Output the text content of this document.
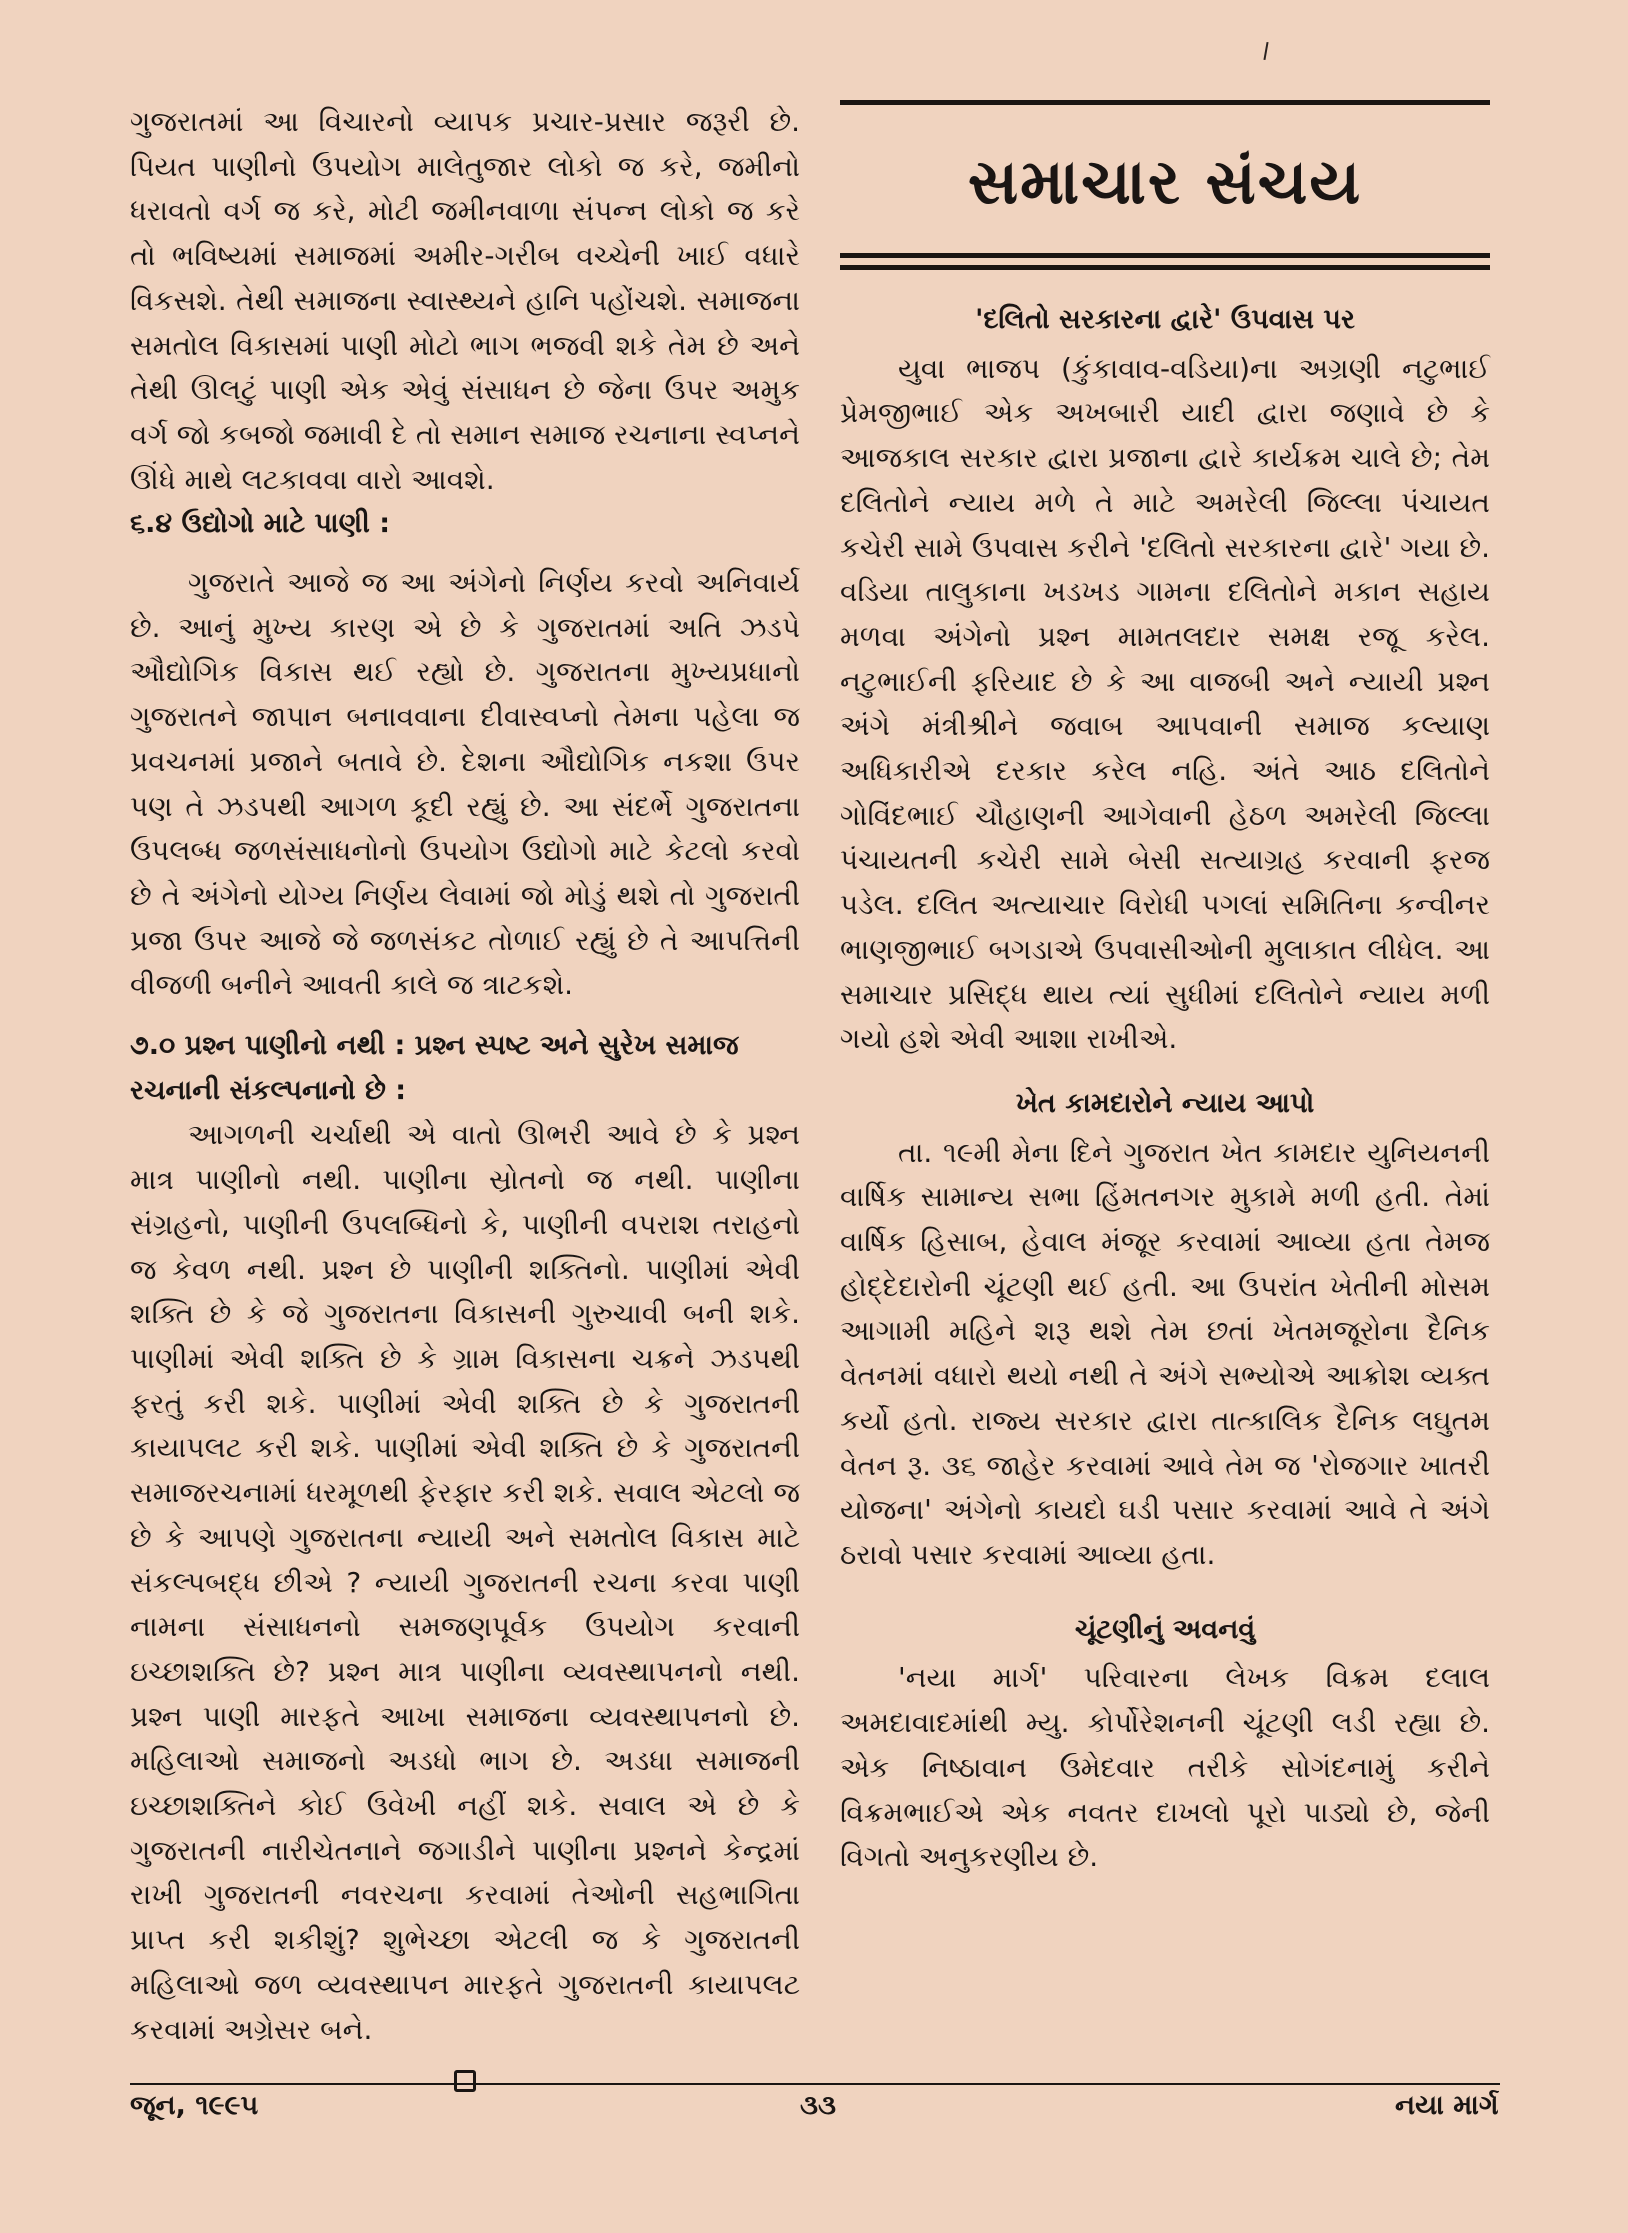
ગુજરાતમાં આ વિચારનો વ્યાપક પ્રચાર-પ્રસાર જરૂરી છે. પિયત પાણીનો ઉપયોગ માલેતુજાર લોકો જ કરે, જમીનો ધરાવતો વર્ગ જ કરે, મોટી જમીનવાળા સંપન્ન લોકો જ કરે તો ભવિષ્યમાં સમાજમાં અમીર-ગરીબ વચ્ચેની ખાઈ વધારે વિકસશે. તેથી સમાજના સ્વાસ્થ્યને હાનિ પહોંચશે. સમાજના સમતોલ વિકાસમાં પાણી મોટો ભાગ ભજવી શકે તેમ છે અને તેથી ઊલટું પાણી એક એવું સંસાધન છે જેના ઉપર અમુક વર્ગ જો કબજો જમાવી દે તો સમાન સમાજ રચનાના સ્વપ્નને ઊંધે માથે લટકાવવા વારો આવશે.

૬.૪ ઉદ્યોગો માટે પાણી :

ગુજરાતે આજે જ આ અંગેનો નિર્ણય કરવો અનિવાર્ય છે. આનું મુખ્ય કારણ એ છે કે ગુજરાતમાં અતિ ઝડપે ઔદ્યોગિક વિકાસ થઈ રહ્યો છે. ગુજરાતના મુખ્યપ્રધાનો ગુજરાતને જાપાન બનાવવાના દીવાસ્વપ્નો તેમના પહેલા જ પ્રવચનમાં પ્રજાને બતાવે છે. દેશના ઔદ્યોગિક નકશા ઉપર પણ તે ઝડપથી આગળ કૂદી રહ્યું છે. આ સંદર્ભે ગુજરાતના ઉપલબ્ધ જળસંસાધનોનો ઉપયોગ ઉદ્યોગો માટે કેટલો કરવો છે તે અંગેનો યોગ્ય નિર્ણય લેવામાં જો મોડું થશે તો ગુજરાતી પ્રજા ઉપર આજે જે જળસંકટ તોળાઈ રહ્યું છે તે આપત્તિની વીજળી બનીને આવતી કાલે જ ત્રાટકશે.

૭.૦ પ્રશ્ન પાણીનો નથી : પ્રશ્ન સ્પષ્ટ અને સુરેખ સમાજ રચનાની સંકલ્પનાનો છે :

આગળની ચર્ચાથી એ વાતો ઊભરી આવે છે કે પ્રશ્ન માત્ર પાણીનો નથી. પાણીના સ્રોતનો જ નથી. પાણીના સંગ્રહનો, પાણીની ઉપલબ્ધિનો કે, પાણીની વપરાશ તરાહનો જ કેવળ નથી. પ્રશ્ન છે પાણીની શક્તિનો. પાણીમાં એવી શક્તિ છે કે જે ગુજરાતના વિકાસની ગુરુચાવી બની શકે. પાણીમાં એવી શક્તિ છે કે ગ્રામ વિકાસના ચક્રને ઝડપથી ફરતું કરી શકે. પાણીમાં એવી શક્તિ છે કે ગુજરાતની કાયાપલટ કરી શકે. પાણીમાં એવી શક્તિ છે કે ગુજરાતની સમાજરચનામાં ધરમૂળથી ફેરફાર કરી શકે. સવાલ એટલો જ છે કે આપણે ગુજરાતના ન્યાયી અને સમતોલ વિકાસ માટે સંકલ્પબદ્ધ છીએ ? ન્યાયી ગુજરાતની રચના કરવા પાણી નામના સંસાધનનો સમજણપૂર્વક ઉપયોગ કરવાની ઇચ્છાશક્તિ છે? પ્રશ્ન માત્ર પાણીના વ્યવસ્થાપનનો નથી. પ્રશ્ન પાણી મારફતે આખા સમાજના વ્યવસ્થાપનનો છે. મહિલાઓ સમાજનો અડધો ભાગ છે. અડધા સમાજની ઇચ્છાશક્તિને કોઈ ઉવેખી નહીં શકે. સવાલ એ છે કે ગુજરાતની નારીચેતનાને જગાડીને પાણીના પ્રશ્નને કેન્દ્રમાં રાખી ગુજરાતની નવરચના કરવામાં તેઓની સહભાગિતા પ્રાપ્ત કરી શકીશું? શુભેચ્છા એટલી જ કે ગુજરાતની મહિલાઓ જળ વ્યવસ્થાપન મારફતે ગુજરાતની કાયાપલટ કરવામાં અગ્રેસર બને.

સમાચાર સંચય
'દલિતો સરકારના દ્વારે' ઉપવાસ પર

યુવા ભાજપ (કુંકાવાવ-વડિયા)ના અગ્રણી નટુભાઈ પ્રેમજીભાઈ એક અખબારી યાદી દ્વારા જણાવે છે કે આજકાલ સરકાર દ્વારા પ્રજાના દ્વારે કાર્યક્રમ ચાલે છે; તેમ દલિતોને ન્યાય મળે તે માટે અમરેલી જિલ્લા પંચાયત કચેરી સામે ઉપવાસ કરીને 'દલિતો સરકારના દ્વારે' ગયા છે. વડિયા તાલુકાના ખડખડ ગામના દલિતોને મકાન સહાય મળવા અંગેનો પ્રશ્ન મામતલદાર સમક્ષ રજૂ કરેલ. નટુભાઈની ફરિયાદ છે કે આ વાજબી અને ન્યાયી પ્રશ્ન અંગે મંત્રીશ્રીને જવાબ આપવાની સમાજ કલ્યાણ અધિકારીએ દરકાર કરેલ નહિ. અંતે આઠ દલિતોને ગોવિંદભાઈ ચૌહાણની આગેવાની હેઠળ અમરેલી જિલ્લા પંચાયતની કચેરી સામે બેસી સત્યાગ્રહ કરવાની ફરજ પડેલ. દલિત અત્યાચાર વિરોધી પગલાં સમિતિના કન્વીનર ભાણજીભાઈ બગડાએ ઉપવાસીઓની મુલાકાત લીધેલ. આ સમાચાર પ્રસિદ્ધ થાય ત્યાં સુધીમાં દલિતોને ન્યાય મળી ગયો હશે એવી આશા રાખીએ.

ખેત કામદારોને ન્યાય આપો

તા. ૧૯મી મેના દિને ગુજરાત ખેત કામદાર યુનિયનની વાર્ષિક સામાન્ય સભા હિંમતનગર મુકામે મળી હતી. તેમાં વાર્ષિક હિસાબ, હેવાલ મંજૂર કરવામાં આવ્યા હતા તેમજ હોદ્દેદારોની ચૂંટણી થઈ હતી. આ ઉપરાંત ખેતીની મોસમ આગામી મહિને શરૂ થશે તેમ છતાં ખેતમજૂરોના દૈનિક વેતનમાં વધારો થયો નથી તે અંગે સભ્યોએ આક્રોશ વ્યક્ત કર્યો હતો. રાજ્ય સરકાર દ્વારા તાત્કાલિક દૈનિક લઘુતમ વેતન રૂ. ૩૬ જાહેર કરવામાં આવે તેમ જ 'રોજગાર ખાતરી યોજના' અંગેનો કાયદો ઘડી પસાર કરવામાં આવે તે અંગે ઠરાવો પસાર કરવામાં આવ્યા હતા.

ચૂંટણીનું અવનવું

'નયા માર્ગ' પરિવારના લેખક વિક્રમ દલાલ અમદાવાદમાંથી મ્યુ. કોર્પોરેશનની ચૂંટણી લડી રહ્યા છે. એક નિષ્ઠાવાન ઉમેદવાર તરીકે સોગંદનામું કરીને વિક્રમભાઈએ એક નવતર દાખલો પૂરો પાડ્યો છે, જેની વિગતો અનુકરણીય છે.

જૂન, ૧૯૯૫	૩૩	નયા માર્ગ
